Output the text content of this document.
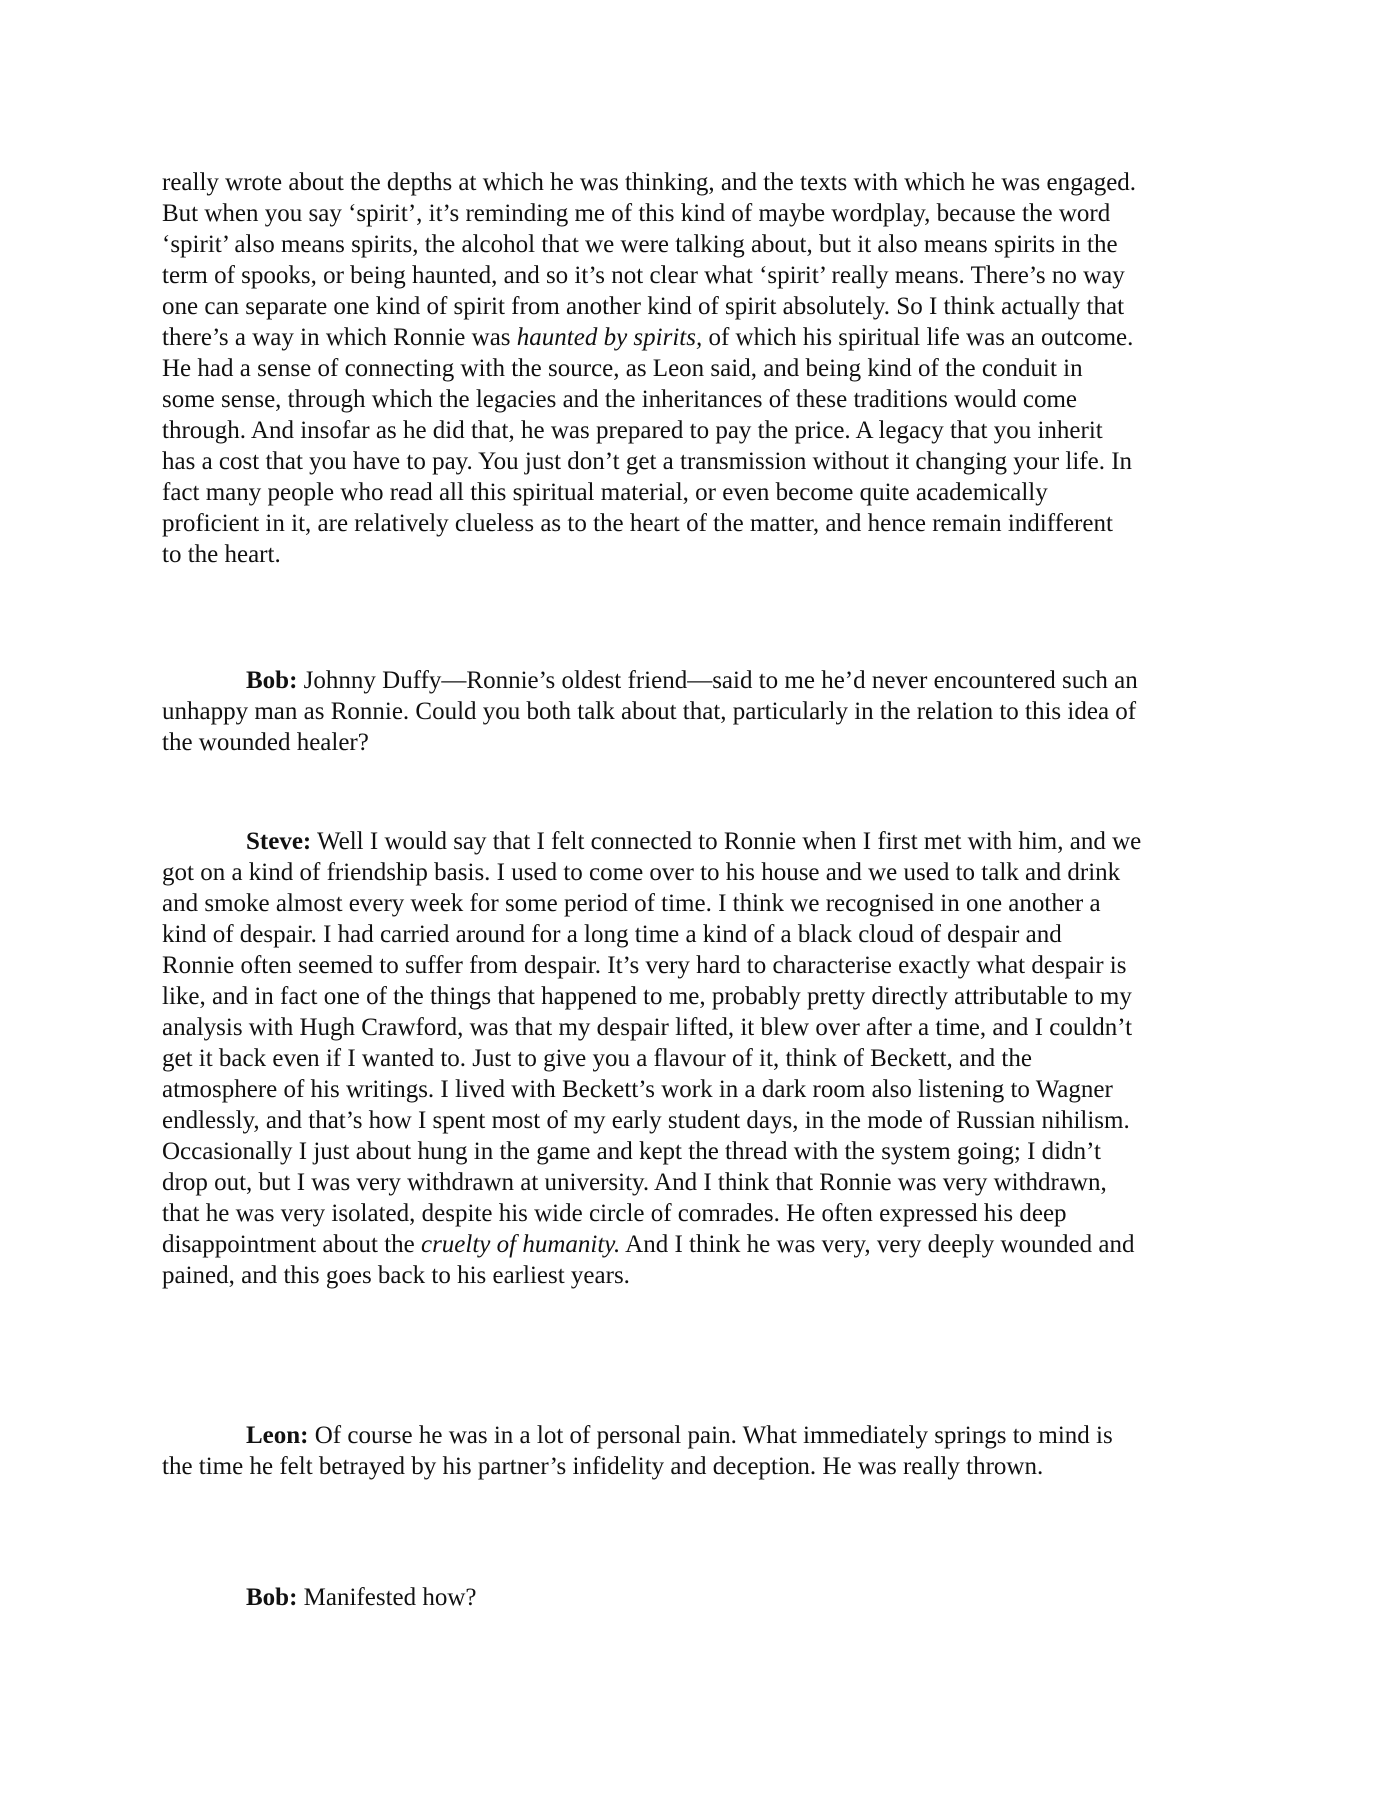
really wrote about the depths at which he was thinking, and the texts with which he was engaged.
But when you say ‘spirit’, it’s reminding me of this kind of maybe wordplay, because the word
‘spirit’ also means spirits, the alcohol that we were talking about, but it also means spirits in the
term of spooks, or being haunted, and so it’s not clear what ‘spirit’ really means. There’s no way
one can separate one kind of spirit from another kind of spirit absolutely. So I think actually that
there’s a way in which Ronnie was haunted by spirits, of which his spiritual life was an outcome.
He had a sense of connecting with the source, as Leon said, and being kind of the conduit in
some sense, through which the legacies and the inheritances of these traditions would come
through. And insofar as he did that, he was prepared to pay the price. A legacy that you inherit
has a cost that you have to pay. You just don’t get a transmission without it changing your life. In
fact many people who read all this spiritual material, or even become quite academically
proficient in it, are relatively clueless as to the heart of the matter, and hence remain indifferent
to the heart.
Bob: Johnny Duffy—Ronnie’s oldest friend—said to me he’d never encountered such an
unhappy man as Ronnie. Could you both talk about that, particularly in the relation to this idea of
the wounded healer?
Steve: Well I would say that I felt connected to Ronnie when I first met with him, and we
got on a kind of friendship basis. I used to come over to his house and we used to talk and drink
and smoke almost every week for some period of time. I think we recognised in one another a
kind of despair. I had carried around for a long time a kind of a black cloud of despair and
Ronnie often seemed to suffer from despair. It’s very hard to characterise exactly what despair is
like, and in fact one of the things that happened to me, probably pretty directly attributable to my
analysis with Hugh Crawford, was that my despair lifted, it blew over after a time, and I couldn’t
get it back even if I wanted to. Just to give you a flavour of it, think of Beckett, and the
atmosphere of his writings. I lived with Beckett’s work in a dark room also listening to Wagner
endlessly, and that’s how I spent most of my early student days, in the mode of Russian nihilism.
Occasionally I just about hung in the game and kept the thread with the system going; I didn’t
drop out, but I was very withdrawn at university. And I think that Ronnie was very withdrawn,
that he was very isolated, despite his wide circle of comrades. He often expressed his deep
disappointment about the cruelty of humanity. And I think he was very, very deeply wounded and
pained, and this goes back to his earliest years.
Leon: Of course he was in a lot of personal pain. What immediately springs to mind is
the time he felt betrayed by his partner’s infidelity and deception. He was really thrown.
Bob: Manifested how?
